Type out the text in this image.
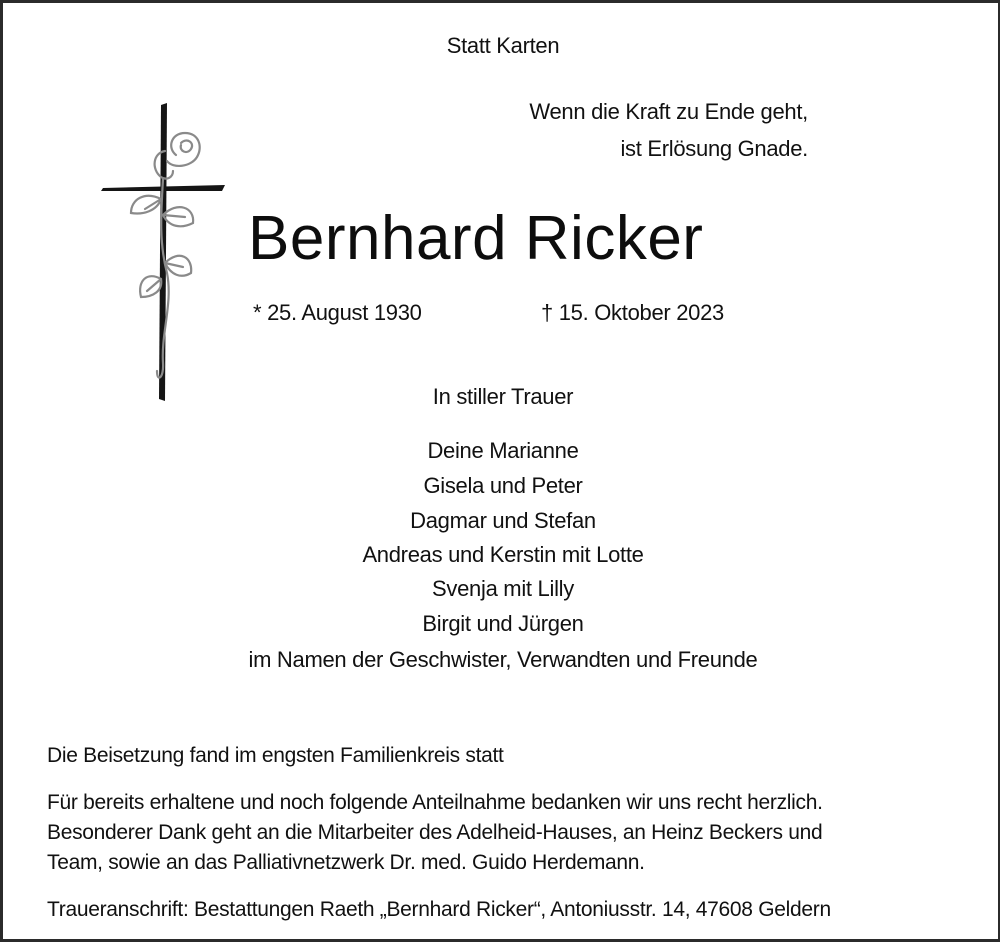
Statt Karten
Wenn die Kraft zu Ende geht,
ist Erlösung Gnade.
Bernhard Ricker
* 25. August 1930	† 15. Oktober 2023
In stiller Trauer
Deine Marianne
Gisela und Peter
Dagmar und Stefan
Andreas und Kerstin mit Lotte
Svenja mit Lilly
Birgit und Jürgen
im Namen der Geschwister, Verwandten und Freunde
Die Beisetzung fand im engsten Familienkreis statt
Für bereits erhaltene und noch folgende Anteilnahme bedanken wir uns recht herzlich.
Besonderer Dank geht an die Mitarbeiter des Adelheid-Hauses, an Heinz Beckers und
Team, sowie an das Palliativnetzwerk Dr. med. Guido Herdemann.
Traueranschrift: Bestattungen Raeth „Bernhard Ricker“, Antoniusstr. 14, 47608 Geldern
